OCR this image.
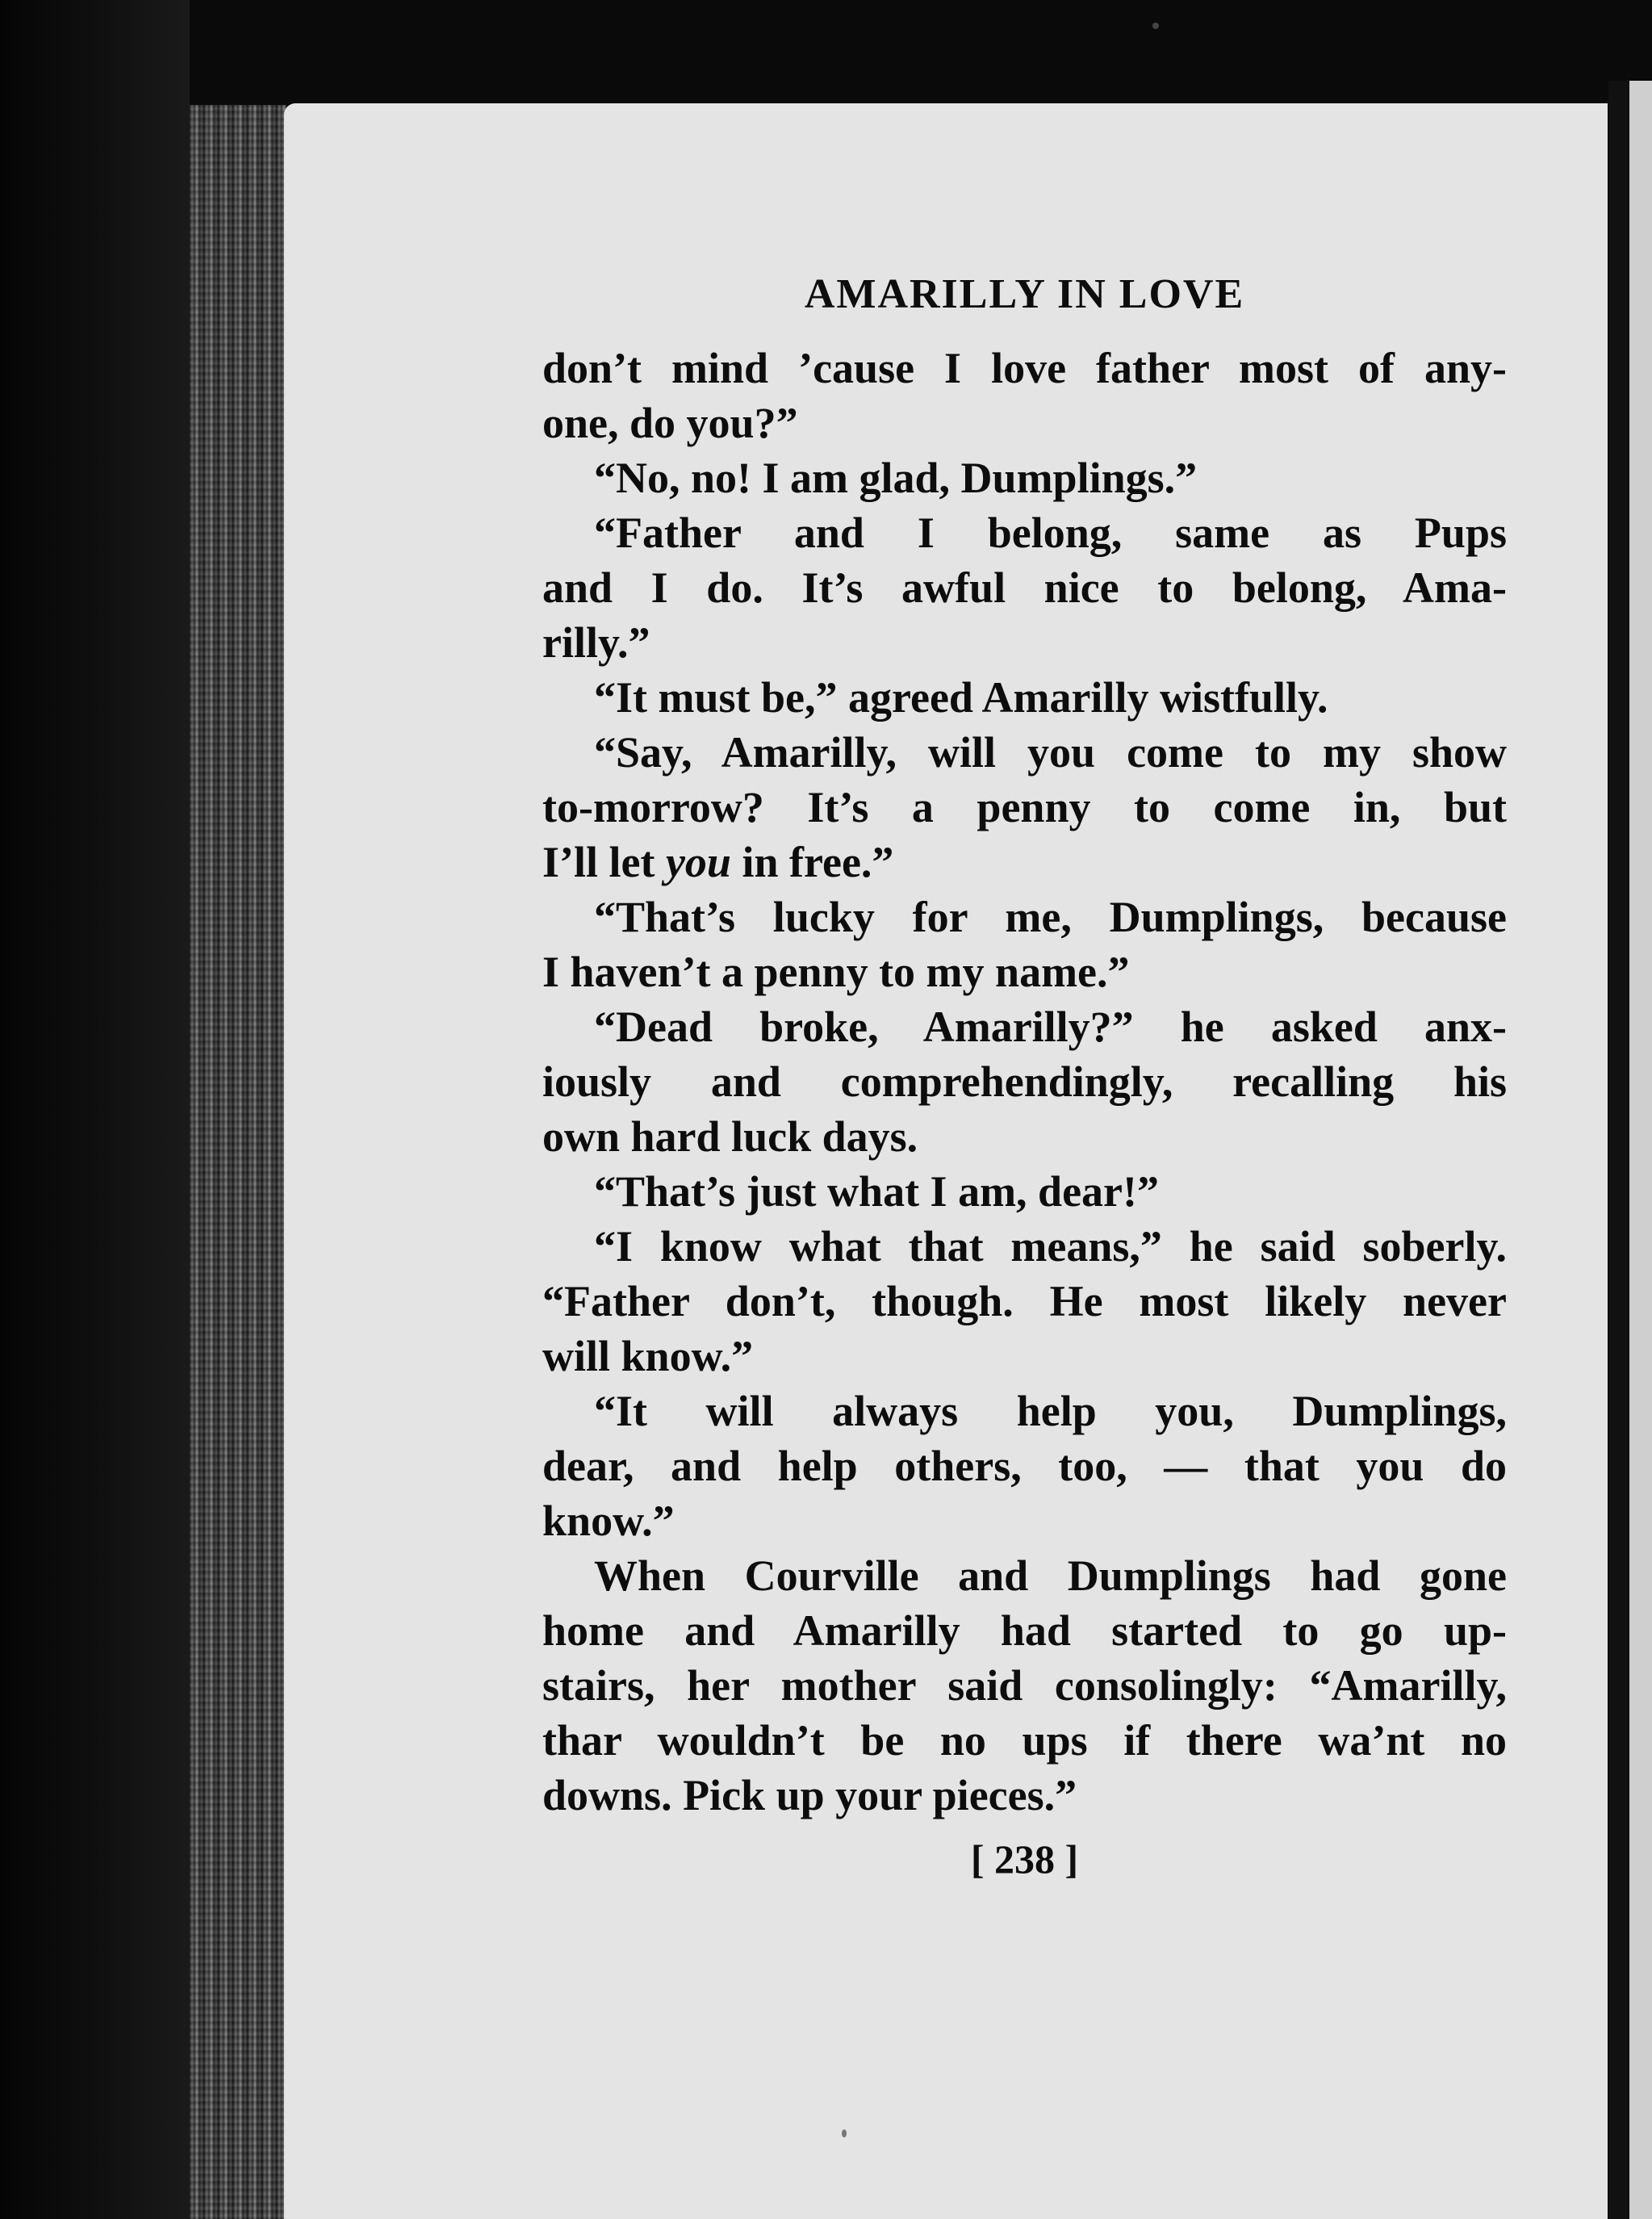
AMARILLY IN LOVE
don’t mind ’cause I love father most of any-
one, do you?”
“No, no! I am glad, Dumplings.”
“Father and I belong, same as Pups
and I do. It’s awful nice to belong, Ama-
rilly.”
“It must be,” agreed Amarilly wistfully.
“Say, Amarilly, will you come to my show
to-morrow? It’s a penny to come in, but
I’ll let you in free.”
“That’s lucky for me, Dumplings, because
I haven’t a penny to my name.”
“Dead broke, Amarilly?” he asked anx-
iously and comprehendingly, recalling his
own hard luck days.
“That’s just what I am, dear!”
“I know what that means,” he said soberly.
“Father don’t, though. He most likely never
will know.”
“It will always help you, Dumplings,
dear, and help others, too, — that you do
know.”
When Courville and Dumplings had gone
home and Amarilly had started to go up-
stairs, her mother said consolingly: “Amarilly,
thar wouldn’t be no ups if there wa’nt no
downs. Pick up your pieces.”
[ 238 ]
